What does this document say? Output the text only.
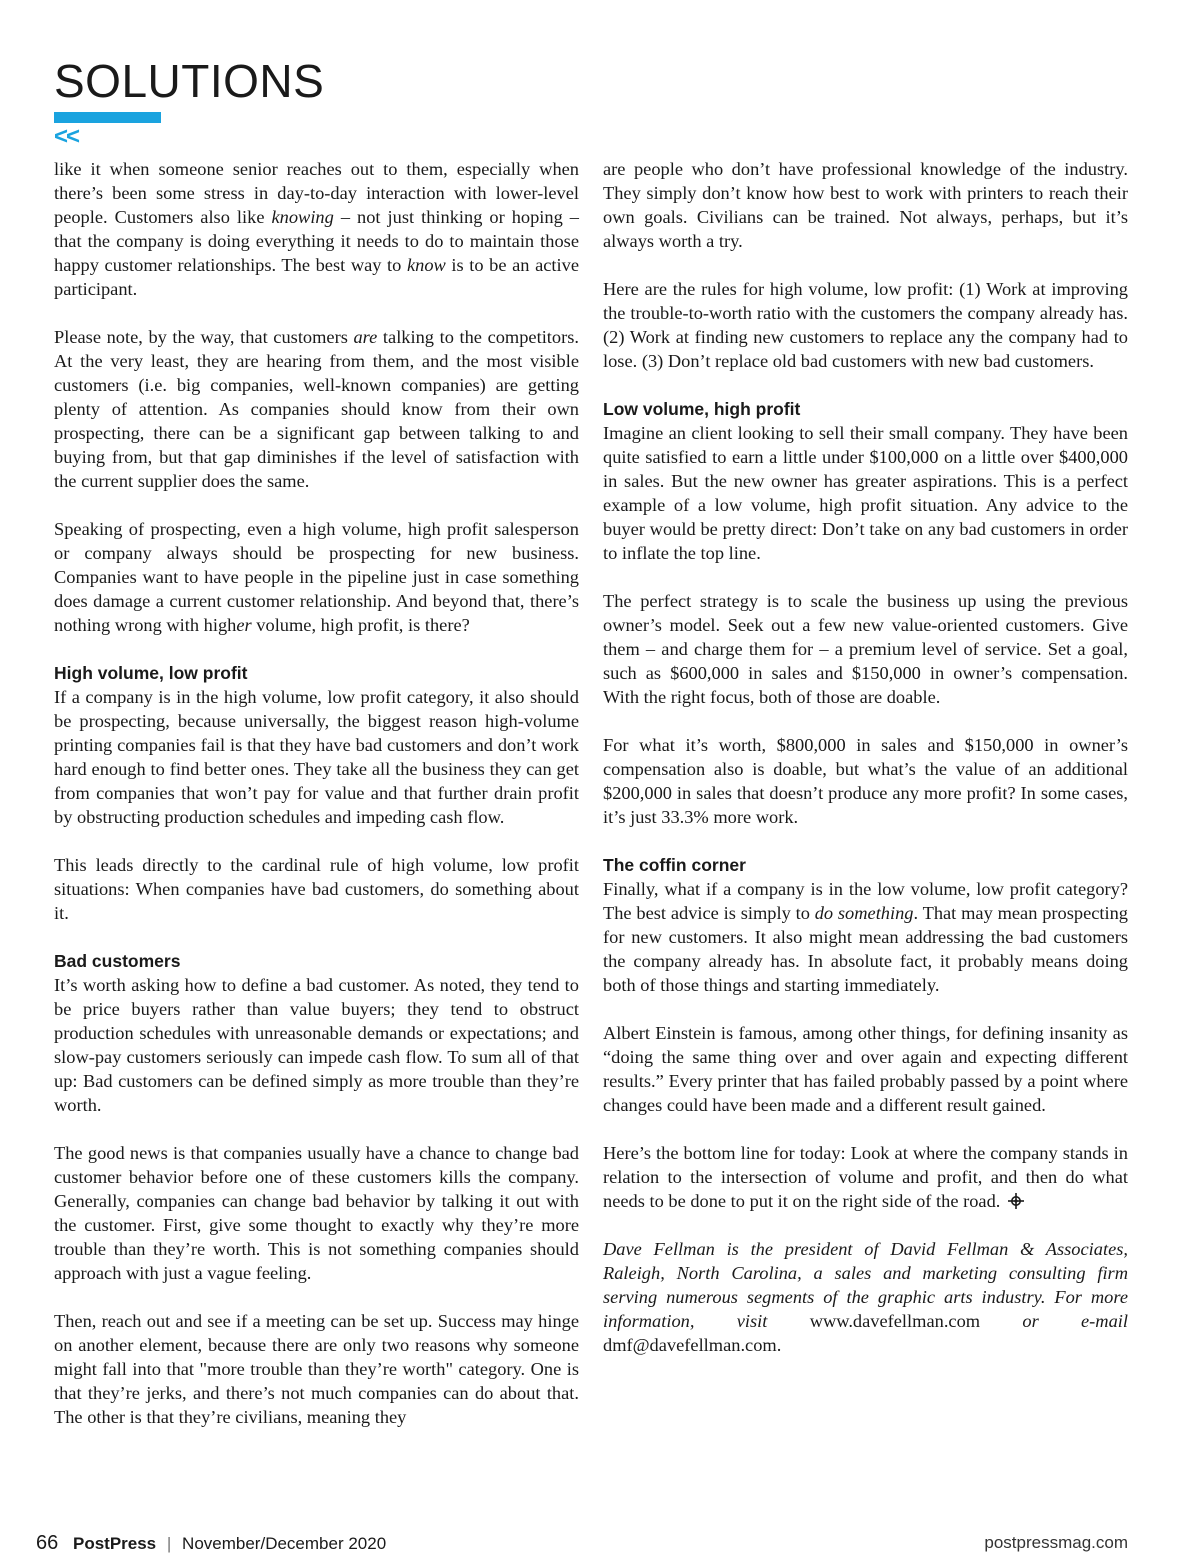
SOLUTIONS
<<

like it when someone senior reaches out to them, especially when there’s been some stress in day-to-day interaction with lower-level people. Customers also like knowing – not just thinking or hoping – that the company is doing everything it needs to do to maintain those happy customer relationships. The best way to know is to be an active participant.

Please note, by the way, that customers are talking to the competitors. At the very least, they are hearing from them, and the most visible customers (i.e. big companies, well-known companies) are getting plenty of attention. As companies should know from their own prospecting, there can be a significant gap between talking to and buying from, but that gap diminishes if the level of satisfaction with the current supplier does the same.

Speaking of prospecting, even a high volume, high profit salesperson or company always should be prospecting for new business. Companies want to have people in the pipeline just in case something does damage a current customer relationship. And beyond that, there’s nothing wrong with higher volume, high profit, is there?

High volume, low profit

If a company is in the high volume, low profit category, it also should be prospecting, because universally, the biggest reason high-volume printing companies fail is that they have bad customers and don’t work hard enough to find better ones. They take all the business they can get from companies that won’t pay for value and that further drain profit by obstructing production schedules and impeding cash flow.

This leads directly to the cardinal rule of high volume, low profit situations: When companies have bad customers, do something about it.

Bad customers

It’s worth asking how to define a bad customer. As noted, they tend to be price buyers rather than value buyers; they tend to obstruct production schedules with unreasonable demands or expectations; and slow-pay customers seriously can impede cash flow. To sum all of that up: Bad customers can be defined simply as more trouble than they’re worth.

The good news is that companies usually have a chance to change bad customer behavior before one of these customers kills the company. Generally, companies can change bad behavior by talking it out with the customer. First, give some thought to exactly why they’re more trouble than they’re worth. This is not something companies should approach with just a vague feeling.

Then, reach out and see if a meeting can be set up. Success may hinge on another element, because there are only two reasons why someone might fall into that "more trouble than they’re worth" category. One is that they’re jerks, and there’s not much companies can do about that. The other is that they’re civilians, meaning they

are people who don’t have professional knowledge of the industry. They simply don’t know how best to work with printers to reach their own goals. Civilians can be trained. Not always, perhaps, but it’s always worth a try.

Here are the rules for high volume, low profit: (1) Work at improving the trouble-to-worth ratio with the customers the company already has. (2) Work at finding new customers to replace any the company had to lose. (3) Don’t replace old bad customers with new bad customers.

Low volume, high profit

Imagine an client looking to sell their small company. They have been quite satisfied to earn a little under $100,000 on a little over $400,000 in sales. But the new owner has greater aspirations. This is a perfect example of a low volume, high profit situation. Any advice to the buyer would be pretty direct: Don’t take on any bad customers in order to inflate the top line.

The perfect strategy is to scale the business up using the previous owner’s model. Seek out a few new value-oriented customers. Give them – and charge them for – a premium level of service. Set a goal, such as $600,000 in sales and $150,000 in owner’s compensation. With the right focus, both of those are doable.

For what it’s worth, $800,000 in sales and $150,000 in owner’s compensation also is doable, but what’s the value of an additional $200,000 in sales that doesn’t produce any more profit? In some cases, it’s just 33.3% more work.

The coffin corner

Finally, what if a company is in the low volume, low profit category? The best advice is simply to do something. That may mean prospecting for new customers. It also might mean addressing the bad customers the company already has. In absolute fact, it probably means doing both of those things and starting immediately.

Albert Einstein is famous, among other things, for defining insanity as “doing the same thing over and over again and expecting different results.” Every printer that has failed probably passed by a point where changes could have been made and a different result gained.

Here’s the bottom line for today: Look at where the company stands in relation to the intersection of volume and profit, and then do what needs to be done to put it on the right side of the road.

Dave Fellman is the president of David Fellman & Associates, Raleigh, North Carolina, a sales and marketing consulting firm serving numerous segments of the graphic arts industry. For more information, visit www.davefellman.com or e-mail dmf@davefellman.com.

66 PostPress | November/December 2020	postpressmag.com
